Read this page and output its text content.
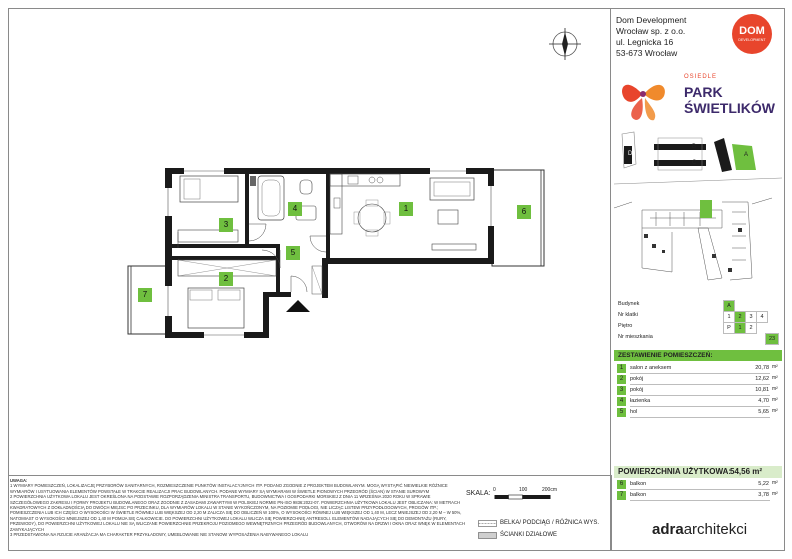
1
2
3
4
5
6
7
Dom Development
Wrocław sp. z o.o.
ul. Legnicka 16
53-673 Wrocław
DOM
DEVELOPMENT
OSIEDLE
PARK
ŚWIETLIKÓW
D
B
C
A
Budynek	A
Nr klatki	1	2	3	4
Piętro	P	1	2
Nr mieszkania	23
ZESTAWIENIE POMIESZCZEŃ:
1	salon z aneksem	20,78 m²
2	pokój	12,62 m²
3	pokój	10,81 m²
4	łazienka	4,70 m²
5	hol	5,65 m²
POWIERZCHNIA UŻYTKOWA:
54,56 m²
6	balkon	5,22 m²
7	balkon	3,78 m²
UWAGA:
1 WYMIARY POMIESZCZEŃ, LOKALIZACJĘ PRZYBORÓW SANITARNYCH, ROZMIESZCZENIE PUNKTÓW INSTALACYJNYCH ITP. PODANO ZGODNIE Z PROJEKTEM BUDOWLANYM. MOGĄ WYSTĄPIĆ NIEWIELKIE RÓŻNICE WYMIARÓW I USYTUOWANIA ELEMENTÓW POWSTAŁE W TRAKCIE REALIZACJI PRAC BUDOWLANYCH. PODANE WYMIARY SĄ WYMIARAMI W ŚWIETLE PIONOWYCH PRZEGRÓD (ŚCIAN) W STANIE SUROWYM
2 POWIERZCHNIA UŻYTKOWA LOKALU JEST OKREŚLONA NA PODSTAWIE ROZPORZĄDZENIA MINISTRA TRANSPORTU, BUDOWNICTWA I GOSPODARKI MORSKIEJ Z DNIA 11 WRZEŚNIA 2020 ROKU W SPRAWIE SZCZEGÓŁOWEGO ZAKRESU I FORMY PROJEKTU BUDOWLANEGO ORAZ ZGODNIE Z ZASADAMI ZAWARTYMI W POLSKIEJ NORMIE PN-ISO 9836:2022-07. POWIERZCHNIA UŻYTKOWA LOKALU JEST OBLICZANA: W METRACH KWADRATOWYCH Z DOKŁADNOŚCIĄ DO DWÓCH MIEJSC PO PRZECINKU, DLA WYMIARÓW LOKALU W STANIE WYKOŃCZONYM, NA POZIOMIE PODŁOGI, NIE LICZĄC LISTEW PRZYPODŁOGOWYCH, PROGÓW ITP.; POMIESZCZENIA LUB ICH CZĘŚCI O WYSOKOŚCI W ŚWIETLE RÓWNEJ LUB WIĘKSZEJ OD 2,20 M ZALICZA SIĘ DO OBLICZEŃ W 100%, O WYSOKOŚCI RÓWNEJ LUB WIĘKSZEJ OD 1,40 M, LECZ MNIEJSZEJ OD 2,20 M – W 50%, NATOMIAST O WYSOKOŚCI MNIEJSZEJ OD 1,40 M POMIJA SIĘ CAŁKOWICIE. DO POWIERZCHNI UŻYTKOWEJ LOKALU WLICZA SIĘ POWIERZCHNIĘ ANTRESOLI. ELEMENTÓW NADAJĄCYCH SIĘ DO DEMONTAŻU (RURY, PRZEWODY), DO POWIERZCHNI UŻYTKOWEJ LOKALU NIE SĄ WLICZANE POWIERZCHNIE PRZEKROJU POZIOMEGO WEWNĘTRZNYCH PRZEGRÓD BUDOWLANYCH, OTWORÓW NA DRZWI I OKNA ORAZ WNĘK W ELEMENTACH ZAMYKAJĄCYCH
3 PRZEDSTAWIONA NA RZUCIE ARANŻACJA MA CHARAKTER PRZYKŁADOWY, UMEBLOWANIE NIE STANOWI WYPOSAŻENIA NABYWANEGO LOKALU
SKALA: 0	100	200cm
BELKA/ PODCIĄG / RÓŻNICA WYS.
ŚCIANKI DZIAŁOWE	adraarchitekci
